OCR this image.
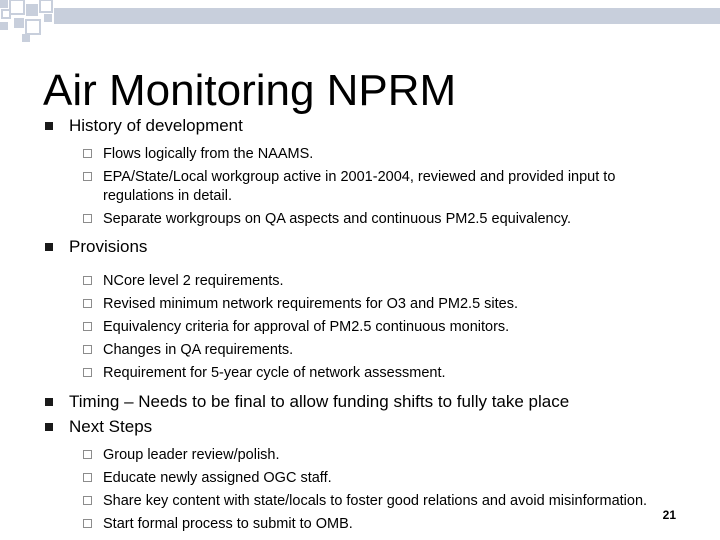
Air Monitoring NPRM
History of development
Flows logically from the NAAMS.
EPA/State/Local workgroup active in 2001-2004, reviewed and provided input to regulations in detail.
Separate workgroups on QA aspects and continuous PM2.5 equivalency.
Provisions
NCore level 2 requirements.
Revised minimum network requirements for O3 and PM2.5 sites.
Equivalency criteria for approval of PM2.5 continuous monitors.
Changes in QA requirements.
Requirement for 5-year cycle of network assessment.
Timing – Needs to be final to allow funding shifts to fully take place
Next Steps
Group leader review/polish.
Educate newly assigned OGC staff.
Share key content with state/locals to foster good relations and avoid misinformation.
Start formal process to submit to OMB.
21
